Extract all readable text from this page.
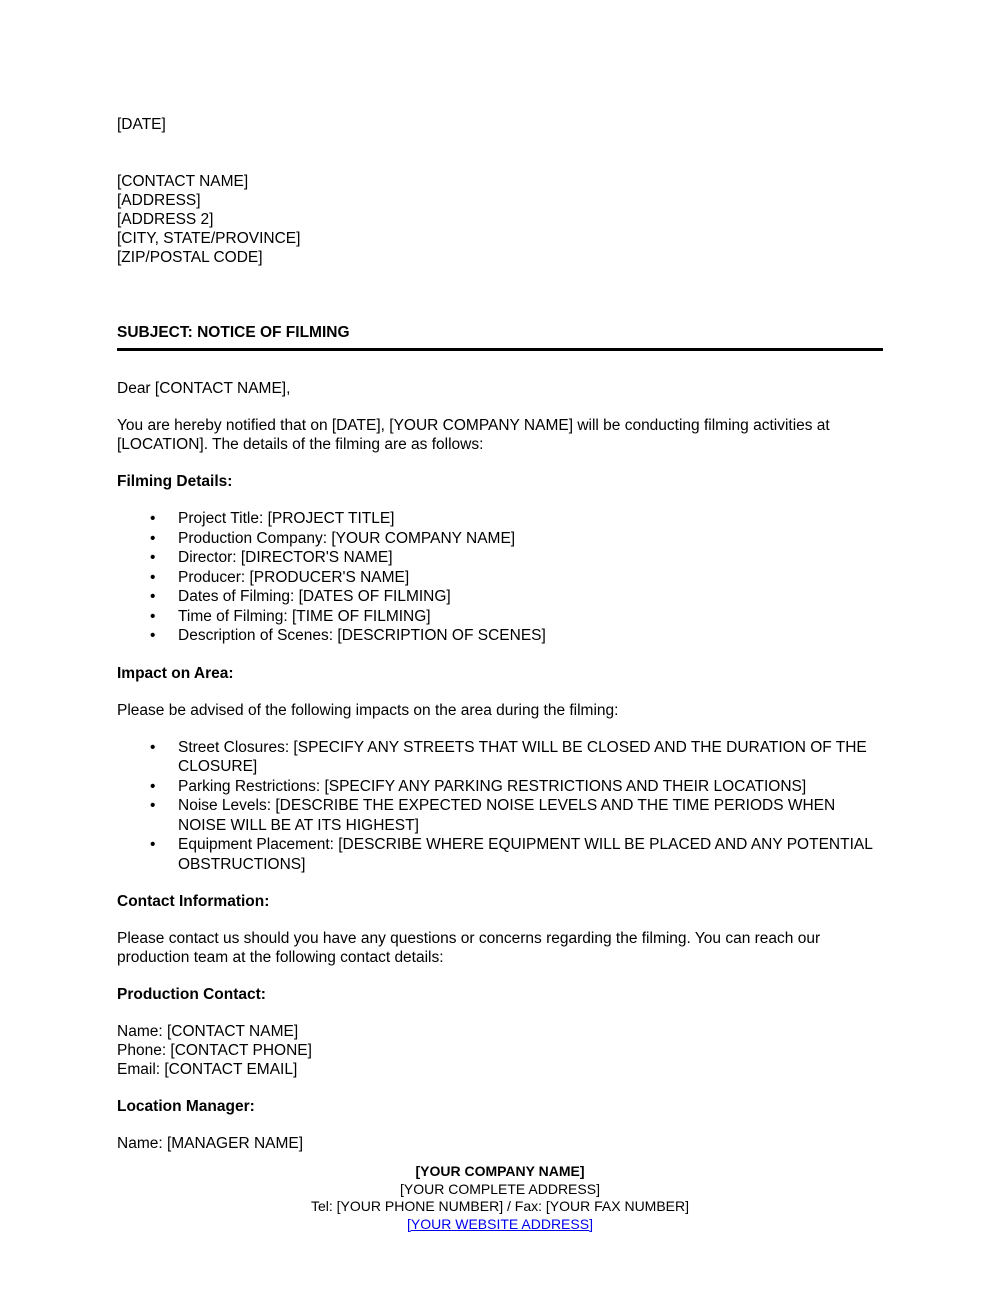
[DATE]

[CONTACT NAME]

[ADDRESS]

[ADDRESS 2]

[CITY, STATE/PROVINCE]

[ZIP/POSTAL CODE]

SUBJECT: NOTICE OF FILMING

Dear [CONTACT NAME],

You are hereby notified that on [DATE], [YOUR COMPANY NAME] will be conducting filming activities at [LOCATION]. The details of the filming are as follows:

Filming Details:

• Project Title: [PROJECT TITLE]
• Production Company: [YOUR COMPANY NAME]
• Director: [DIRECTOR'S NAME]
• Producer: [PRODUCER'S NAME]
• Dates of Filming: [DATES OF FILMING]
• Time of Filming: [TIME OF FILMING]
• Description of Scenes: [DESCRIPTION OF SCENES]

Impact on Area:

Please be advised of the following impacts on the area during the filming:

• Street Closures: [SPECIFY ANY STREETS THAT WILL BE CLOSED AND THE DURATION OF THE CLOSURE]
• Parking Restrictions: [SPECIFY ANY PARKING RESTRICTIONS AND THEIR LOCATIONS]
• Noise Levels: [DESCRIBE THE EXPECTED NOISE LEVELS AND THE TIME PERIODS WHEN NOISE WILL BE AT ITS HIGHEST]
• Equipment Placement: [DESCRIBE WHERE EQUIPMENT WILL BE PLACED AND ANY POTENTIAL OBSTRUCTIONS]

Contact Information:

Please contact us should you have any questions or concerns regarding the filming. You can reach our production team at the following contact details:

Production Contact:

Name: [CONTACT NAME]

Phone: [CONTACT PHONE]

Email: [CONTACT EMAIL]

Location Manager:

Name: [MANAGER NAME]

[YOUR COMPANY NAME]

[YOUR COMPLETE ADDRESS]

Tel: [YOUR PHONE NUMBER] / Fax: [YOUR FAX NUMBER]

[YOUR WEBSITE ADDRESS]
